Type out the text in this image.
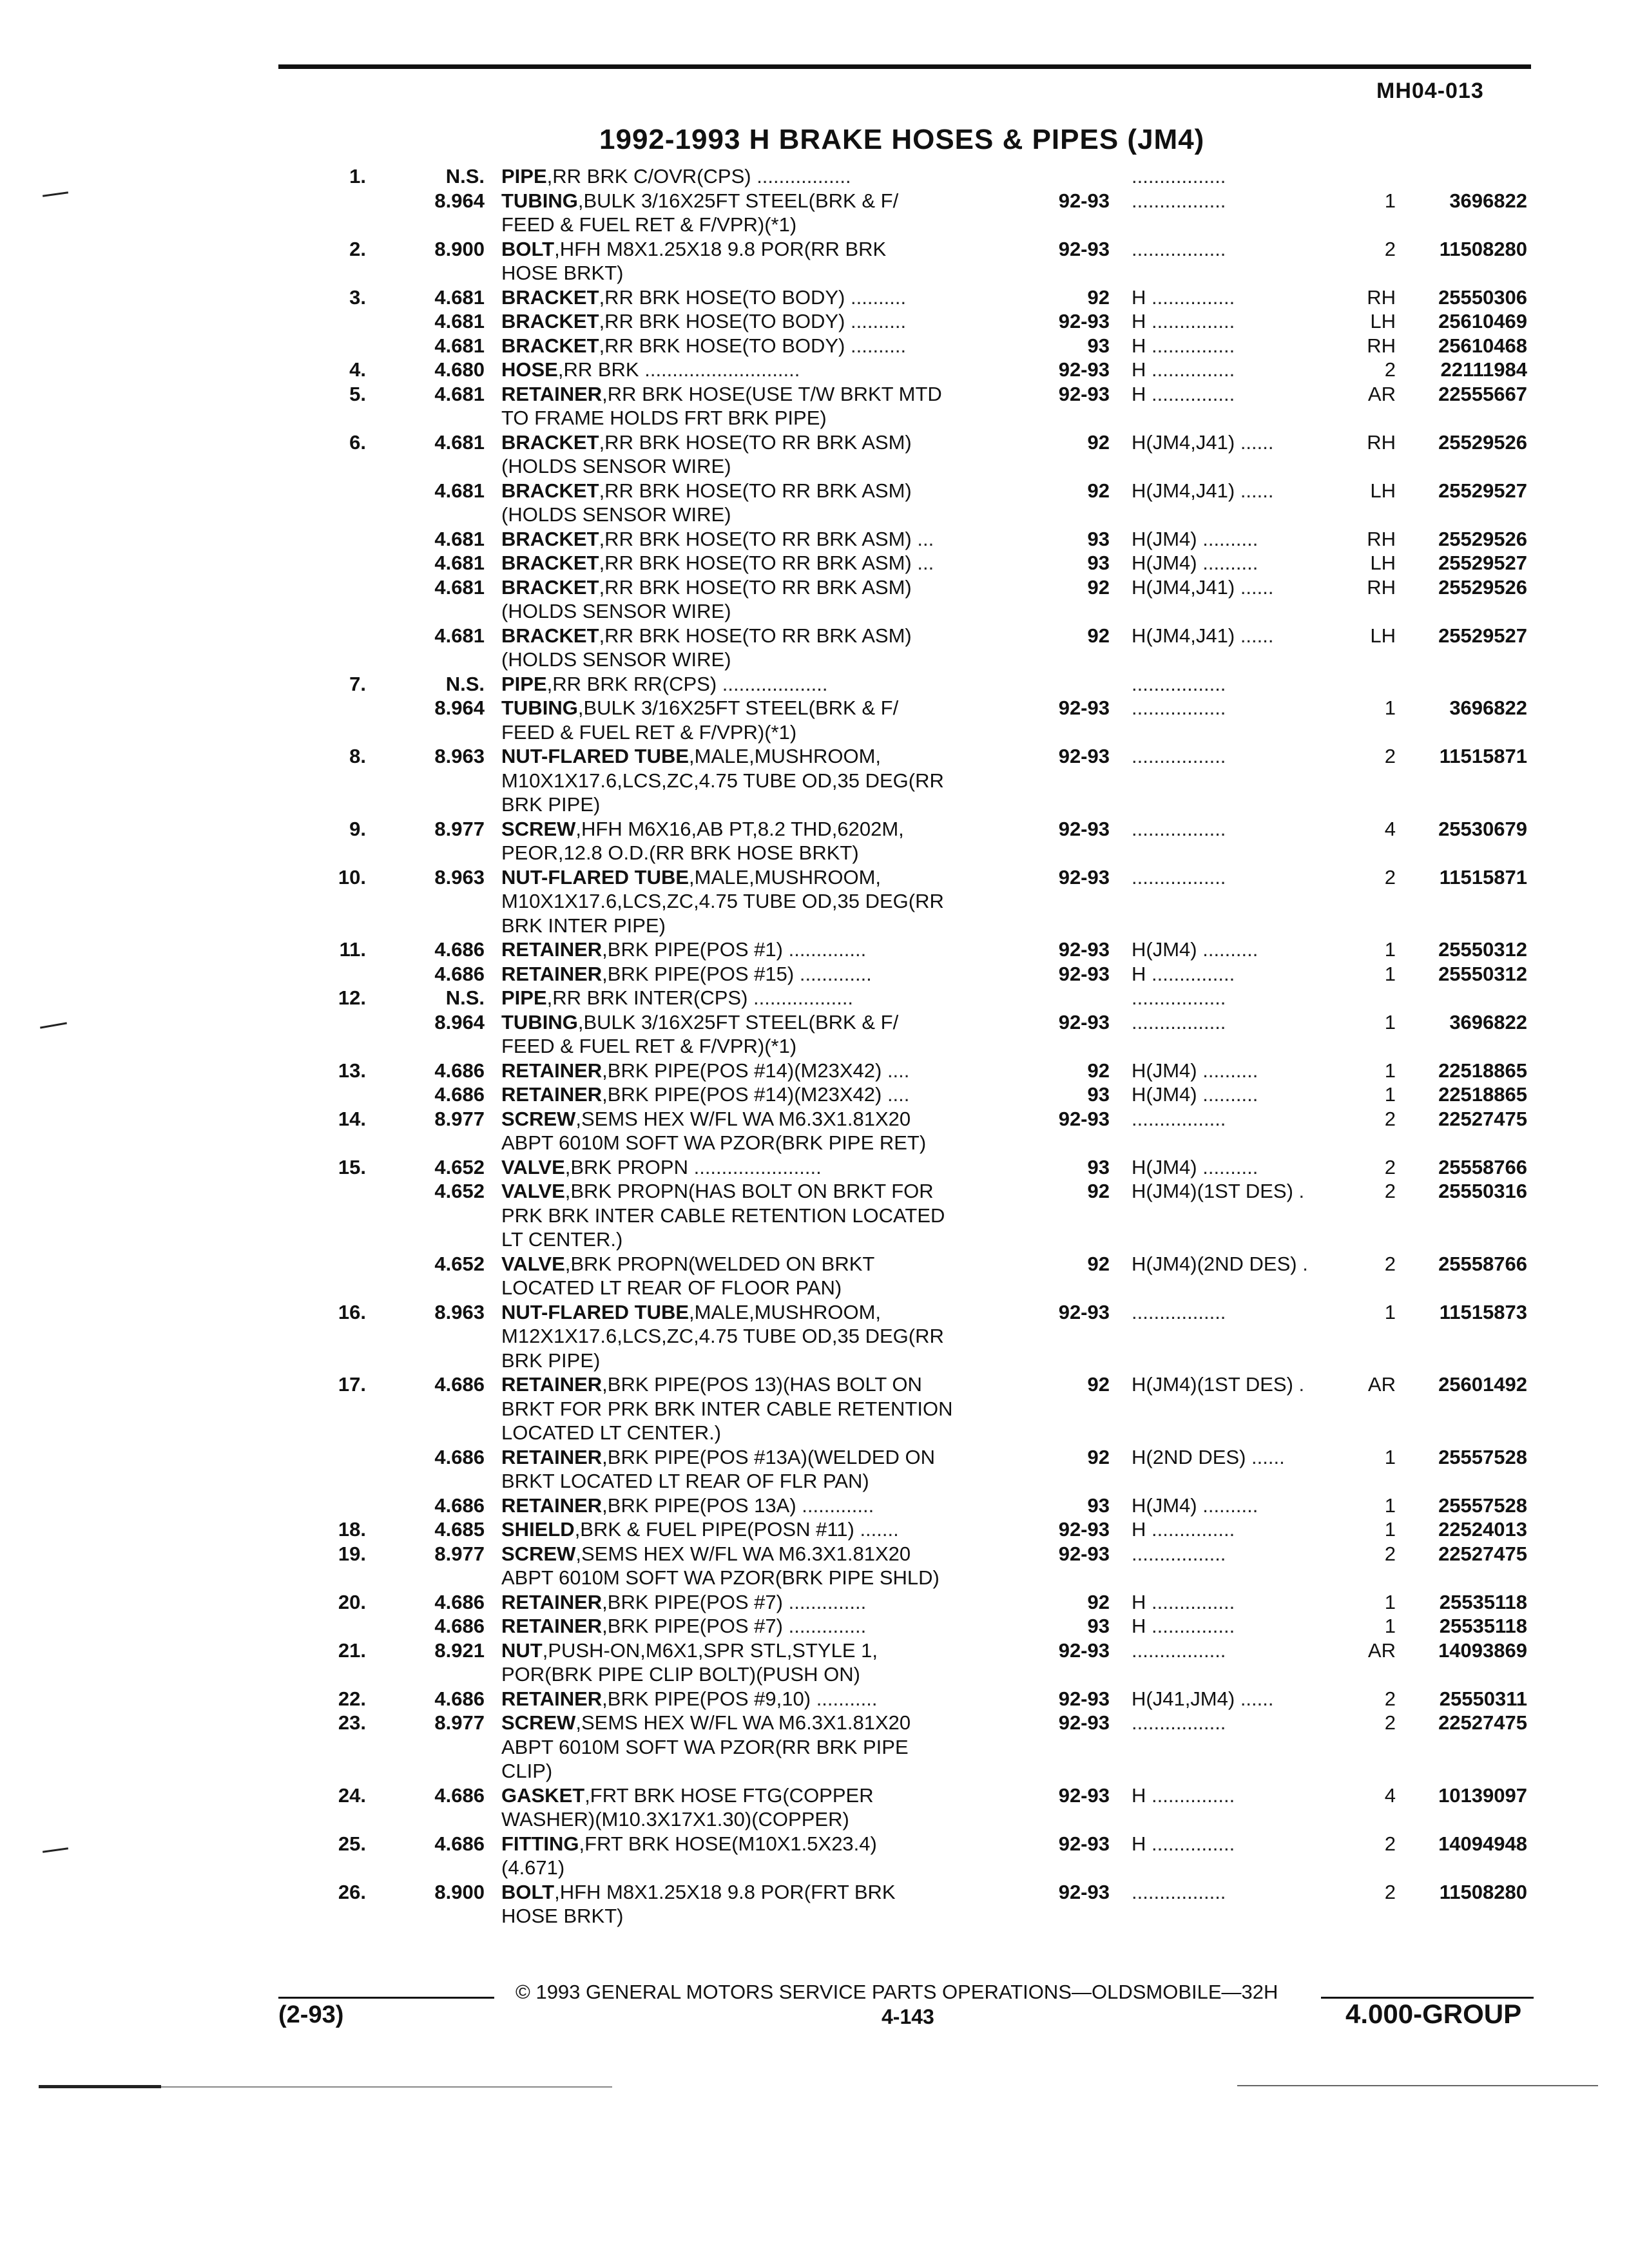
MH04-013
1992-1993 H BRAKE HOSES & PIPES (JM4)
1.	N.S. PIPE,RR BRK C/OVR(CPS) .................	.................
8.964 TUBING,BULK 3/16X25FT STEEL(BRK & F/	92-93 .................	1	3696822
FEED & FUEL RET & F/VPR)(*1)
2.	8.900 BOLT,HFH M8X1.25X18 9.8 POR(RR BRK	92-93 .................	2	11508280
HOSE BRKT)
3.	4.681 BRACKET,RR BRK HOSE(TO BODY) ..........	92 H ...............	RH	25550306
4.681 BRACKET,RR BRK HOSE(TO BODY) ..........	92-93 H ...............	LH	25610469
4.681 BRACKET,RR BRK HOSE(TO BODY) ..........	93 H ...............	RH	25610468
4.	4.680 HOSE,RR BRK ............................	92-93 H ...............	2	22111984
5.	4.681 RETAINER,RR BRK HOSE(USE T/W BRKT MTD	92-93 H ...............	AR	22555667
TO FRAME HOLDS FRT BRK PIPE)
6.	4.681 BRACKET,RR BRK HOSE(TO RR BRK ASM)	92 H(JM4,J41) ......	RH	25529526
(HOLDS SENSOR WIRE)
4.681 BRACKET,RR BRK HOSE(TO RR BRK ASM)	92 H(JM4,J41) ......	LH	25529527
(HOLDS SENSOR WIRE)
4.681 BRACKET,RR BRK HOSE(TO RR BRK ASM) ...	93 H(JM4) ..........	RH	25529526
4.681 BRACKET,RR BRK HOSE(TO RR BRK ASM) ...	93 H(JM4) ..........	LH	25529527
4.681 BRACKET,RR BRK HOSE(TO RR BRK ASM)	92 H(JM4,J41) ......	RH	25529526
(HOLDS SENSOR WIRE)
4.681 BRACKET,RR BRK HOSE(TO RR BRK ASM)	92 H(JM4,J41) ......	LH	25529527
(HOLDS SENSOR WIRE)
7.	N.S. PIPE,RR BRK RR(CPS) ...................	.................
8.964 TUBING,BULK 3/16X25FT STEEL(BRK & F/	92-93 .................	1	3696822
FEED & FUEL RET & F/VPR)(*1)
8.	8.963 NUT-FLARED TUBE,MALE,MUSHROOM,	92-93 .................	2	11515871
M10X1X17.6,LCS,ZC,4.75 TUBE OD,35 DEG(RR
BRK PIPE)
9.	8.977 SCREW,HFH M6X16,AB PT,8.2 THD,6202M,	92-93 .................	4	25530679
PEOR,12.8 O.D.(RR BRK HOSE BRKT)
10.	8.963 NUT-FLARED TUBE,MALE,MUSHROOM,	92-93 .................	2	11515871
M10X1X17.6,LCS,ZC,4.75 TUBE OD,35 DEG(RR
BRK INTER PIPE)
11.	4.686 RETAINER,BRK PIPE(POS #1) ..............	92-93 H(JM4) ..........	1	25550312
4.686 RETAINER,BRK PIPE(POS #15) .............	92-93 H ...............	1	25550312
12.	N.S. PIPE,RR BRK INTER(CPS) ..................	.................
8.964 TUBING,BULK 3/16X25FT STEEL(BRK & F/	92-93 .................	1	3696822
FEED & FUEL RET & F/VPR)(*1)
13.	4.686 RETAINER,BRK PIPE(POS #14)(M23X42) ....	92 H(JM4) ..........	1	22518865
4.686 RETAINER,BRK PIPE(POS #14)(M23X42) ....	93 H(JM4) ..........	1	22518865
14.	8.977 SCREW,SEMS HEX W/FL WA M6.3X1.81X20	92-93 .................	2	22527475
ABPT 6010M SOFT WA PZOR(BRK PIPE RET)
15.	4.652 VALVE,BRK PROPN .......................	93 H(JM4) ..........	2	25558766
4.652 VALVE,BRK PROPN(HAS BOLT ON BRKT FOR	92 H(JM4)(1ST DES) .	2	25550316
PRK BRK INTER CABLE RETENTION LOCATED
LT CENTER.)
4.652 VALVE,BRK PROPN(WELDED ON BRKT	92 H(JM4)(2ND DES) .	2	25558766
LOCATED LT REAR OF FLOOR PAN)
16.	8.963 NUT-FLARED TUBE,MALE,MUSHROOM,	92-93 .................	1	11515873
M12X1X17.6,LCS,ZC,4.75 TUBE OD,35 DEG(RR
BRK PIPE)
17.	4.686 RETAINER,BRK PIPE(POS 13)(HAS BOLT ON	92 H(JM4)(1ST DES) .	AR	25601492
BRKT FOR PRK BRK INTER CABLE RETENTION
LOCATED LT CENTER.)
4.686 RETAINER,BRK PIPE(POS #13A)(WELDED ON	92 H(2ND DES) ......	1	25557528
BRKT LOCATED LT REAR OF FLR PAN)
4.686 RETAINER,BRK PIPE(POS 13A) .............	93 H(JM4) ..........	1	25557528
18.	4.685 SHIELD,BRK & FUEL PIPE(POSN #11) .......	92-93 H ...............	1	22524013
19.	8.977 SCREW,SEMS HEX W/FL WA M6.3X1.81X20	92-93 .................	2	22527475
ABPT 6010M SOFT WA PZOR(BRK PIPE SHLD)
20.	4.686 RETAINER,BRK PIPE(POS #7) ..............	92 H ...............	1	25535118
4.686 RETAINER,BRK PIPE(POS #7) ..............	93 H ...............	1	25535118
21.	8.921 NUT,PUSH-ON,M6X1,SPR STL,STYLE 1,	92-93 .................	AR	14093869
POR(BRK PIPE CLIP BOLT)(PUSH ON)
22.	4.686 RETAINER,BRK PIPE(POS #9,10) ...........	92-93 H(J41,JM4) ......	2	25550311
23.	8.977 SCREW,SEMS HEX W/FL WA M6.3X1.81X20	92-93 .................	2	22527475
ABPT 6010M SOFT WA PZOR(RR BRK PIPE
CLIP)
24.	4.686 GASKET,FRT BRK HOSE FTG(COPPER	92-93 H ...............	4	10139097
WASHER)(M10.3X17X1.30)(COPPER)
25.	4.686 FITTING,FRT BRK HOSE(M10X1.5X23.4)	92-93 H ...............	2	14094948
(4.671)
26.	8.900 BOLT,HFH M8X1.25X18 9.8 POR(FRT BRK	92-93 .................	2	11508280
HOSE BRKT)
© 1993 GENERAL MOTORS SERVICE PARTS OPERATIONS—OLDSMOBILE—32H
(2-93)	4-143	4.000-GROUP
